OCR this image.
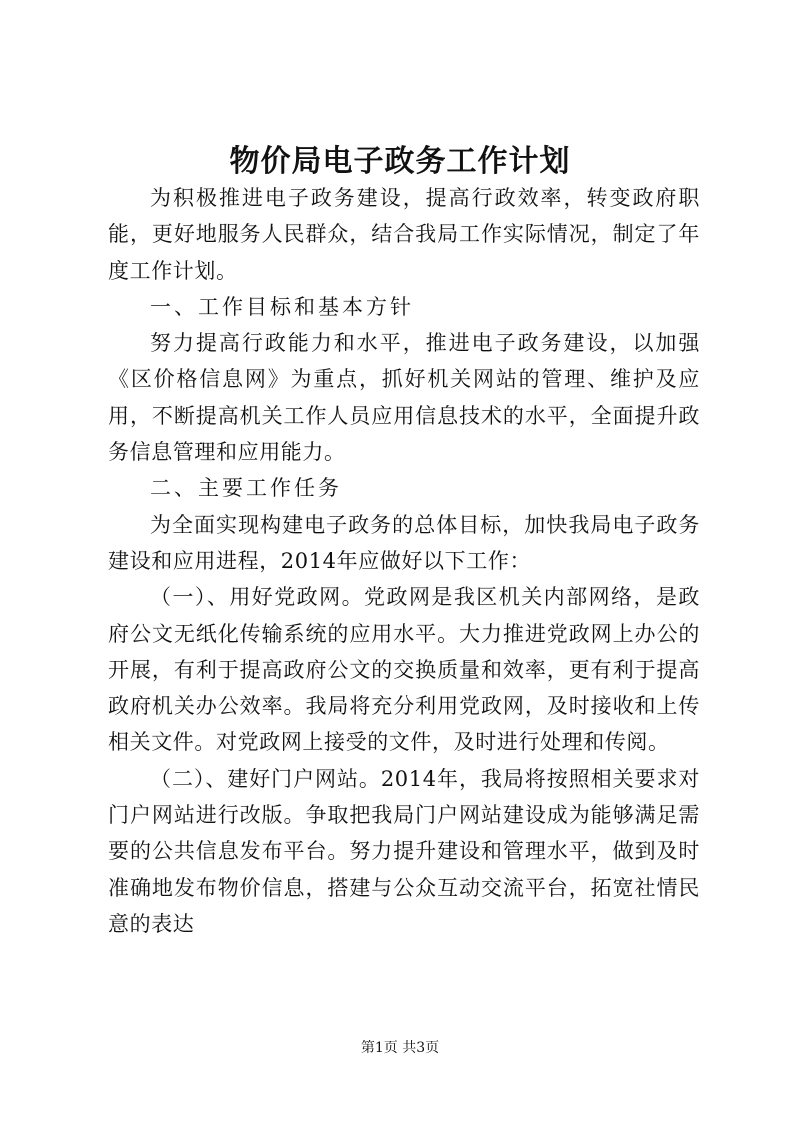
物价局电子政务工作计划

为积极推进电子政务建设，提高行政效率，转变政府职能，更好地服务人民群众，结合我局工作实际情况，制定了年度工作计划。

一、工作目标和基本方针

努力提高行政能力和水平，推进电子政务建设，以加强《区价格信息网》为重点，抓好机关网站的管理、维护及应用，不断提高机关工作人员应用信息技术的水平，全面提升政务信息管理和应用能力。

二、主要工作任务

为全面实现构建电子政务的总体目标，加快我局电子政务建设和应用进程，2014年应做好以下工作：

（一）、用好党政网。党政网是我区机关内部网络，是政府公文无纸化传输系统的应用水平。大力推进党政网上办公的开展，有利于提高政府公文的交换质量和效率，更有利于提高政府机关办公效率。我局将充分利用党政网，及时接收和上传相关文件。对党政网上接受的文件，及时进行处理和传阅。

（二）、建好门户网站。2014年，我局将按照相关要求对门户网站进行改版。争取把我局门户网站建设成为能够满足需要的公共信息发布平台。努力提升建设和管理水平，做到及时准确地发布物价信息，搭建与公众互动交流平台，拓宽社情民意的表达

第1页 共3页
